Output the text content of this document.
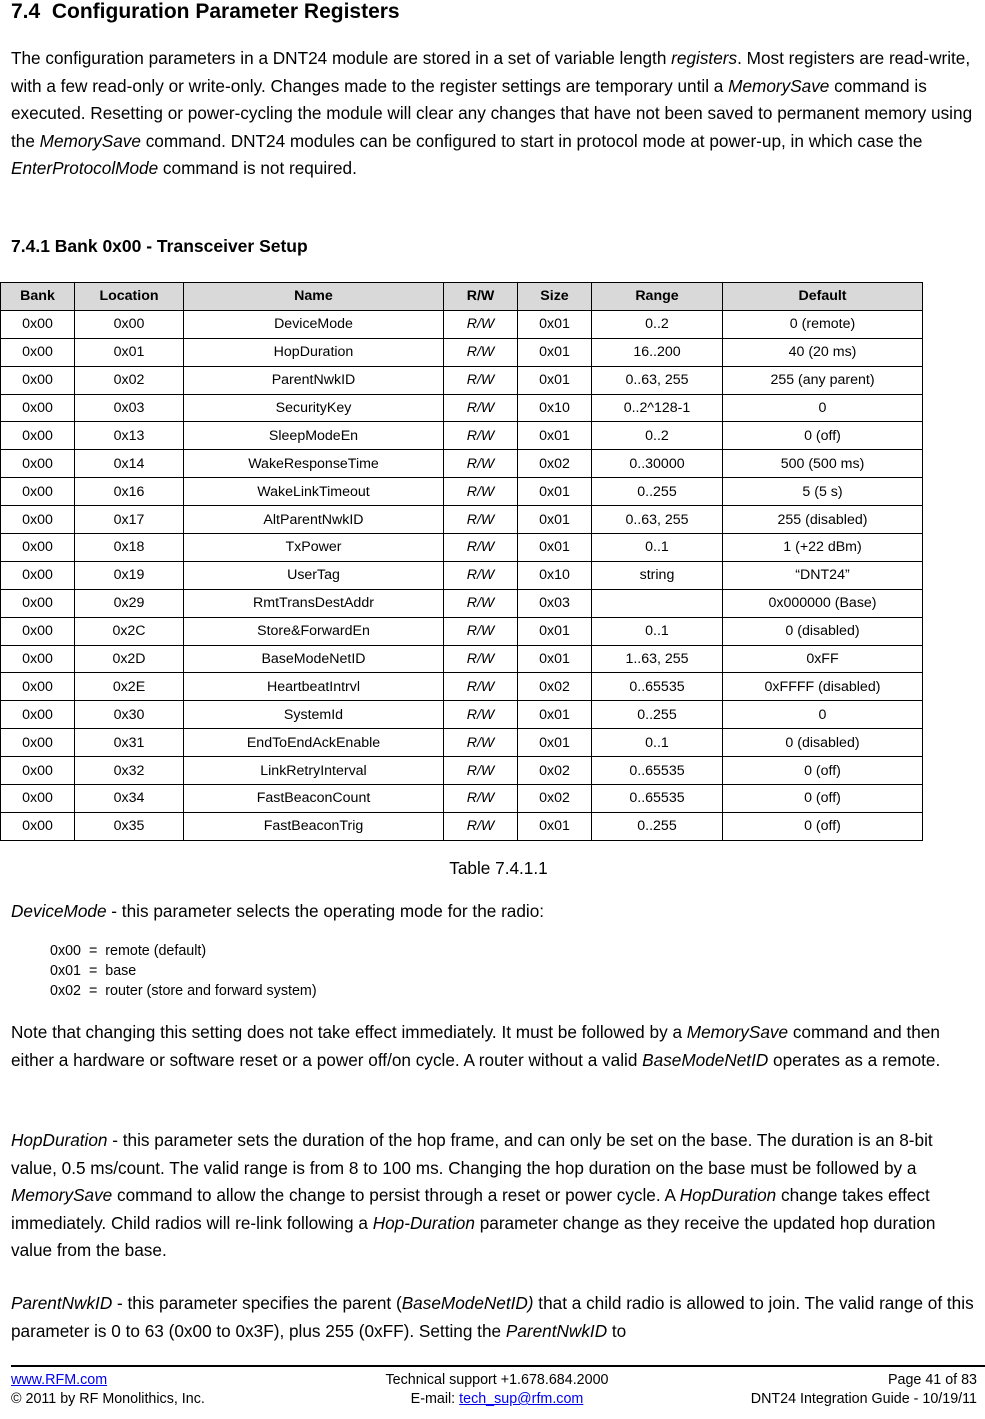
7.4  Configuration Parameter Registers

The configuration parameters in a DNT24 module are stored in a set of variable length registers. Most registers are read-write, with a few read-only or write-only. Changes made to the register settings are temporary until a MemorySave command is executed. Resetting or power-cycling the module will clear any changes that have not been saved to permanent memory using the MemorySave command. DNT24 modules can be configured to start in protocol mode at power-up, in which case the EnterProtocolMode command is not required.

7.4.1 Bank 0x00 - Transceiver Setup
Bank	Location	Name	R/W	Size	Range	Default
0x00	0x00	DeviceMode	R/W	0x01	0..2	0 (remote)
0x00	0x01	HopDuration	R/W	0x01	16..200	40 (20 ms)
0x00	0x02	ParentNwkID	R/W	0x01	0..63, 255	255 (any parent)
0x00	0x03	SecurityKey	R/W	0x10	0..2^128-1	0
0x00	0x13	SleepModeEn	R/W	0x01	0..2	0 (off)
0x00	0x14	WakeResponseTime	R/W	0x02	0..30000	500 (500 ms)
0x00	0x16	WakeLinkTimeout	R/W	0x01	0..255	5 (5 s)
0x00	0x17	AltParentNwkID	R/W	0x01	0..63, 255	255 (disabled)
0x00	0x18	TxPower	R/W	0x01	0..1	1 (+22 dBm)
0x00	0x19	UserTag	R/W	0x10	string	“DNT24”
0x00	0x29	RmtTransDestAddr	R/W	0x03		0x000000 (Base)
0x00	0x2C	Store&ForwardEn	R/W	0x01	0..1	0 (disabled)
0x00	0x2D	BaseModeNetID	R/W	0x01	1..63, 255	0xFF
0x00	0x2E	HeartbeatIntrvl	R/W	0x02	0..65535	0xFFFF (disabled)
0x00	0x30	SystemId	R/W	0x01	0..255	0
0x00	0x31	EndToEndAckEnable	R/W	0x01	0..1	0 (disabled)
0x00	0x32	LinkRetryInterval	R/W	0x02	0..65535	0 (off)
0x00	0x34	FastBeaconCount	R/W	0x02	0..65535	0 (off)
0x00	0x35	FastBeaconTrig	R/W	0x01	0..255	0 (off)
Table 7.4.1.1

DeviceMode - this parameter selects the operating mode for the radio:

0x00  =  remote (default)
0x01  =  base
0x02  =  router (store and forward system)

Note that changing this setting does not take effect immediately. It must be followed by a MemorySave command and then either a hardware or software reset or a power off/on cycle. A router without a valid BaseModeNetID operates as a remote.

HopDuration - this parameter sets the duration of the hop frame, and can only be set on the base. The duration is an 8-bit value, 0.5 ms/count. The valid range is from 8 to 100 ms. Changing the hop duration on the base must be followed by a MemorySave command to allow the change to persist through a reset or power cycle. A HopDuration change takes effect immediately. Child radios will re-link following a Hop-Duration parameter change as they receive the updated hop duration value from the base.

ParentNwkID - this parameter specifies the parent (BaseModeNetID) that a child radio is allowed to join. The valid range of this parameter is 0 to 63 (0x00 to 0x3F), plus 255 (0xFF). Setting the ParentNwkID to

www.RFM.com
© 2011 by RF Monolithics, Inc.
Technical support +1.678.684.2000
E-mail: tech_sup@rfm.com
Page 41 of 83
DNT24 Integration Guide - 10/19/11
